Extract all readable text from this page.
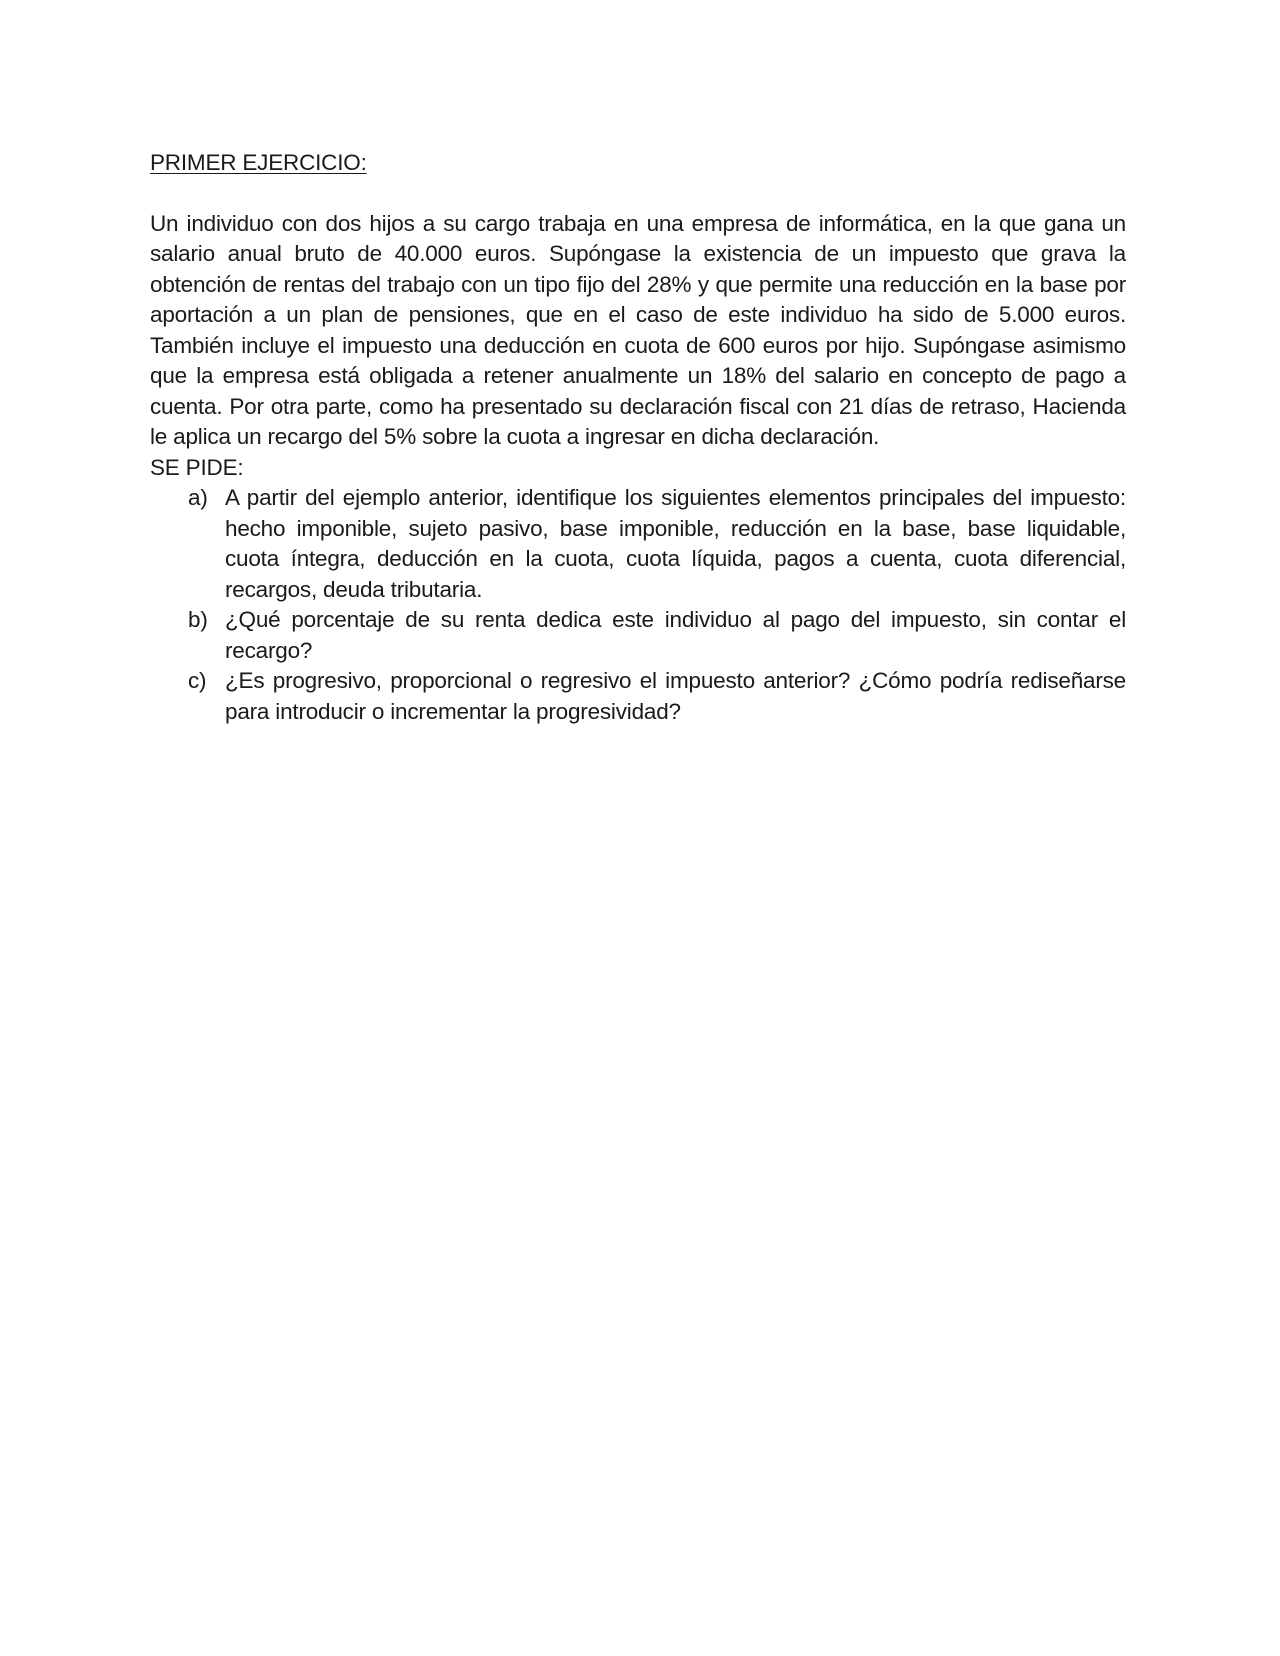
PRIMER EJERCICIO:

Un individuo con dos hijos a su cargo trabaja en una empresa de informática, en la que gana un salario anual bruto de 40.000 euros. Supóngase la existencia de un impuesto que grava la obtención de rentas del trabajo con un tipo fijo del 28% y que permite una reducción en la base por aportación a un plan de pensiones, que en el caso de este individuo ha sido de 5.000 euros. También incluye el impuesto una deducción en cuota de 600 euros por hijo. Supóngase asimismo que la empresa está obligada a retener anualmente un 18% del salario en concepto de pago a cuenta. Por otra parte, como ha presentado su declaración fiscal con 21 días de retraso, Hacienda le aplica un recargo del 5% sobre la cuota a ingresar en dicha declaración.

SE PIDE:

a) A partir del ejemplo anterior, identifique los siguientes elementos principales del impuesto: hecho imponible, sujeto pasivo, base imponible, reducción en la base, base liquidable, cuota íntegra, deducción en la cuota, cuota líquida, pagos a cuenta, cuota diferencial, recargos, deuda tributaria.
b) ¿Qué porcentaje de su renta dedica este individuo al pago del impuesto, sin contar el recargo?
c) ¿Es progresivo, proporcional o regresivo el impuesto anterior? ¿Cómo podría rediseñarse para introducir o incrementar la progresividad?
